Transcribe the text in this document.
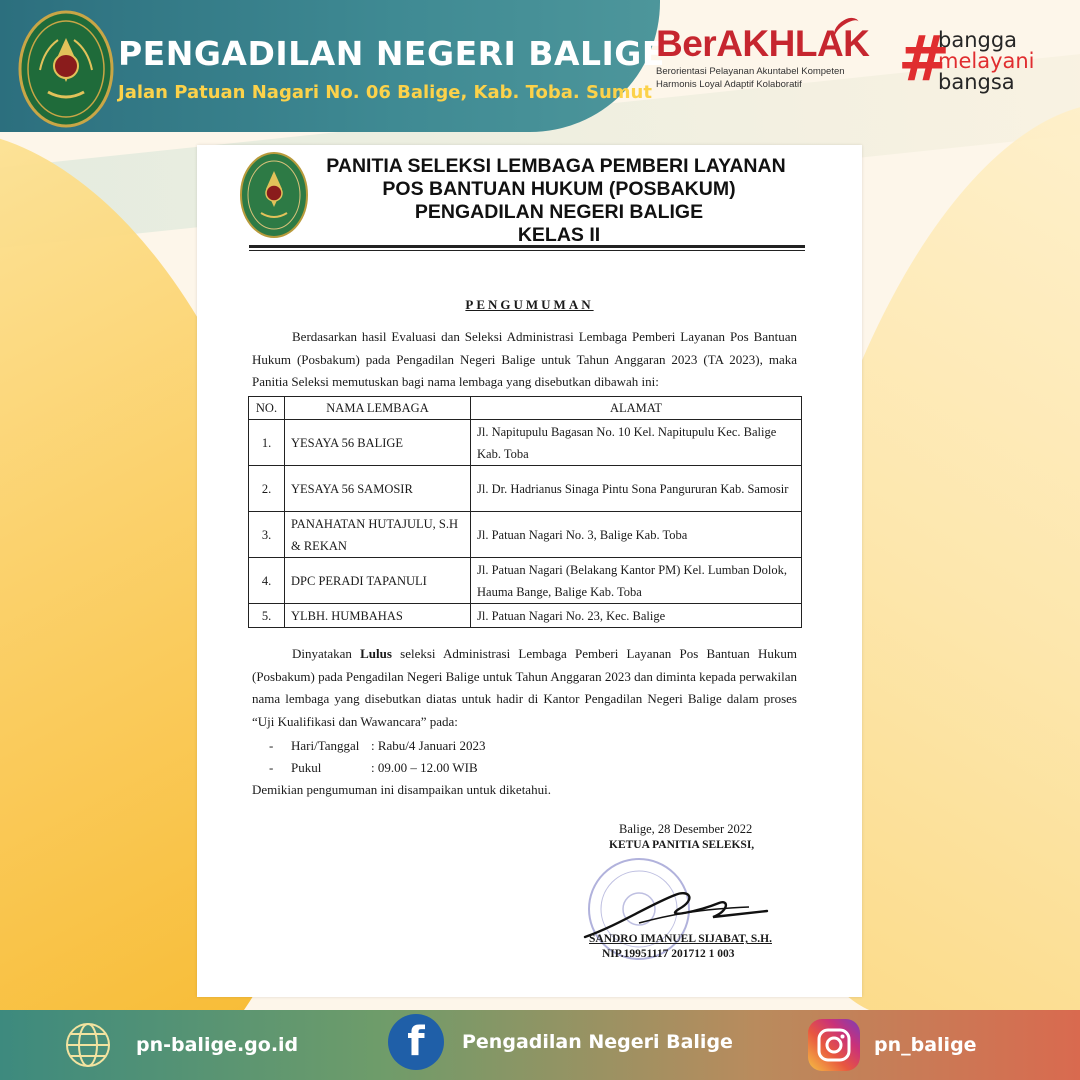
PENGADILAN NEGERI BALIGE
Jalan Patuan Nagari No. 06 Balige, Kab. Toba. Sumut
BerAKHLAK
Berorientasi Pelayanan Akuntabel Kompeten
Harmonis Loyal Adaptif Kolaboratif	#
bangga
melayani
bangsa
PANITIA SELEKSI LEMBAGA PEMBERI LAYANAN
POS BANTUAN HUKUM (POSBAKUM)
PENGADILAN NEGERI BALIGE
KELAS II
PENGUMUMAN
Berdasarkan hasil Evaluasi dan Seleksi Administrasi Lembaga Pemberi Layanan Pos Bantuan Hukum (Posbakum) pada Pengadilan Negeri Balige untuk Tahun Anggaran 2023 (TA 2023), maka Panitia Seleksi memutuskan bagi nama lembaga yang disebutkan dibawah ini:
NO.	NAMA LEMBAGA	ALAMAT
1.	YESAYA 56 BALIGE	Jl. Napitupulu Bagasan No. 10 Kel. Napitupulu Kec. Balige Kab. Toba
2.	YESAYA 56 SAMOSIR	Jl. Dr. Hadrianus Sinaga Pintu Sona Pangururan Kab. Samosir
3.	PANAHATAN HUTAJULU, S.H & REKAN	Jl. Patuan Nagari No. 3, Balige Kab. Toba
4.	DPC PERADI TAPANULI	Jl. Patuan Nagari (Belakang Kantor PM) Kel. Lumban Dolok, Hauma Bange, Balige Kab. Toba
5.	YLBH. HUMBAHAS	Jl. Patuan Nagari No. 23, Kec. Balige
Dinyatakan Lulus seleksi Administrasi Lembaga Pemberi Layanan Pos Bantuan Hukum (Posbakum) pada Pengadilan Negeri Balige untuk Tahun Anggaran 2023 dan diminta kepada perwakilan nama lembaga yang disebutkan diatas untuk hadir di Kantor Pengadilan Negeri Balige dalam proses “Uji Kualifikasi dan Wawancara” pada:
- Hari/Tanggal : Rabu/4 Januari 2023
- Pukul	: 09.00 – 12.00 WIB
Demikian pengumuman ini disampaikan untuk diketahui.
Balige, 28 Desember 2022
KETUA PANITIA SELEKSI,
SANDRO IMANUEL SIJABAT, S.H.
NIP.19951117 201712 1 003
pn-balige.go.id	f	Pengadilan Negeri Balige	pn_balige
